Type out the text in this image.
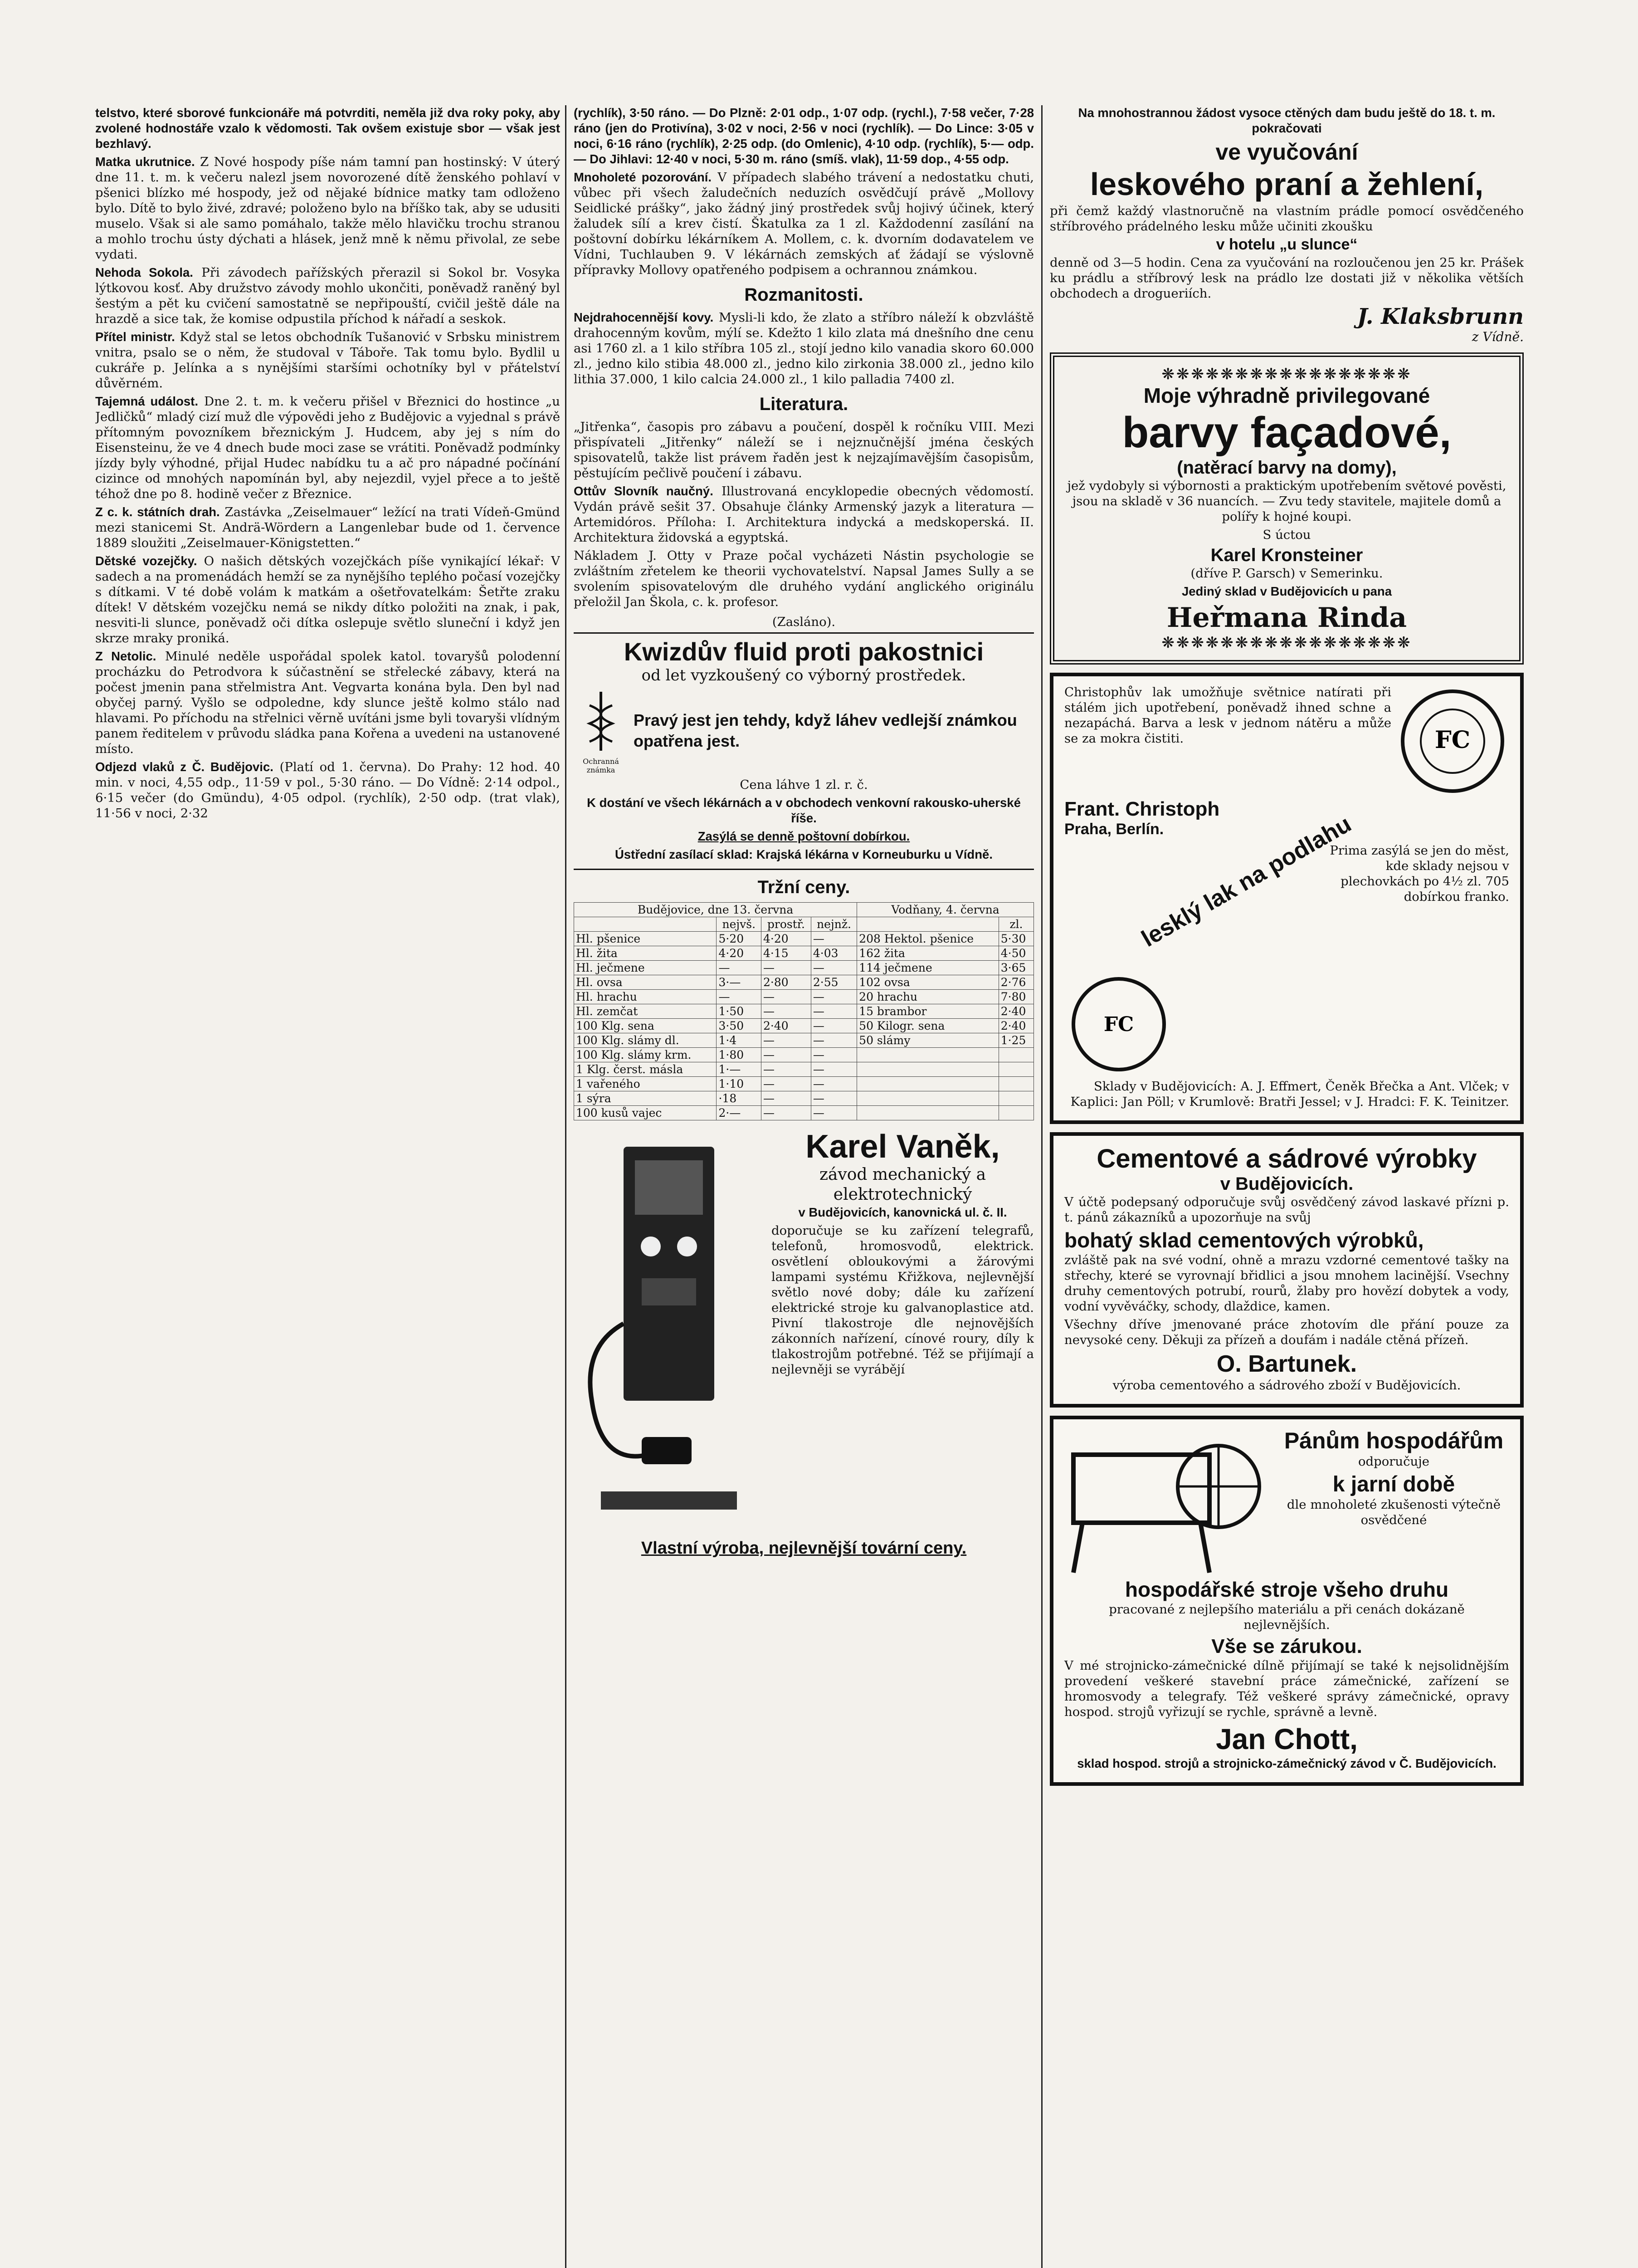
telstvo, které sborové funkcionáře má potvrditi, neměla již dva roky poky, aby zvolené hodnostáře vzalo k vědomosti. Tak ovšem existuje sbor — však jest bezhlavý.

Matka ukrutnice. Z Nové hospody píše nám tamní pan hostinský: V úterý dne 11. t. m. k večeru nalezl jsem novorozené dítě ženského pohlaví v pšenici blízko mé hospody, jež od nějaké bídnice matky tam odloženo bylo. Dítě to bylo živé, zdravé; položeno bylo na bříško tak, aby se udusiti muselo. Však si ale samo pomáhalo, takže mělo hlavičku trochu stranou a mohlo trochu ústy dýchati a hlásek, jenž mně k němu přivolal, ze sebe vydati.

Nehoda Sokola. Při závodech pařížských přerazil si Sokol br. Vosyka lýtkovou kosť. Aby družstvo závody mohlo ukončiti, poněvadž raněný byl šestým a pět ku cvičení samostatně se nepřipouští, cvičil ještě dále na hrazdě a sice tak, že komise odpustila příchod k nářadí a seskok.

Přítel ministr. Když stal se letos obchodník Tušanović v Srbsku ministrem vnitra, psalo se o něm, že studoval v Táboře. Tak tomu bylo. Bydlil u cukráře p. Jelínka a s nynějšími staršími ochotníky byl v přátelství důvěrném.

Tajemná událost. Dne 2. t. m. k večeru přišel v Březnici do hostince „u Jedličků“ mladý cizí muž dle výpovědi jeho z Budějovic a vyjednal s právě přítomným povozníkem březnickým J. Hudcem, aby jej s ním do Eisensteinu, že ve 4 dnech bude moci zase se vrátiti. Poněvadž podmínky jízdy byly výhodné, přijal Hudec nabídku tu a ač pro nápadné počínání cizince od mnohých napomínán byl, aby nejezdil, vyjel přece a to ještě téhož dne po 8. hodině večer z Březnice.

Z c. k. státních drah. Zastávka „Zeiselmauer“ ležící na trati Vídeň-Gmünd mezi stanicemi St. Andrä-Wördern a Langenlebar bude od 1. července 1889 sloužiti „Zeiselmauer-Königstetten.“

Dětské vozejčky. O našich dětských vozejčkách píše vynikající lékař: V sadech a na promenádách hemží se za nynějšího teplého počasí vozejčky s dítkami. V té době volám k matkám a ošetřovatelkám: Šetřte zraku dítek! V dětském vozejčku nemá se nikdy dítko položiti na znak, i pak, nesviti-li slunce, poněvadž oči dítka oslepuje světlo sluneční i když jen skrze mraky proniká.

Z Netolic. Minulé neděle uspořádal spolek katol. tovaryšů polodenní procházku do Petrodvora k súčastnění se střelecké zábavy, která na počest jmenin pana střelmistra Ant. Vegvarta konána byla. Den byl nad obyčej parný. Vyšlo se odpoledne, kdy slunce ještě kolmo stálo nad hlavami. Po příchodu na střelnici věrně uvítáni jsme byli tovaryši vlídným panem ředitelem v průvodu sládka pana Kořena a uvedeni na ustanovené místo.

Odjezd vlaků z Č. Budějovic. (Platí od 1. června). Do Prahy: 12 hod. 40 min. v noci, 4,55 odp., 11·59 v pol., 5·30 ráno. — Do Vídně: 2·14 odpol., 6·15 večer (do Gmündu), 4·05 odpol. (rychlík), 2·50 odp. (trat vlak), 11·56 v noci, 2·32

(rychlík), 3·50 ráno. — Do Plzně: 2·01 odp., 1·07 odp. (rychl.), 7·58 večer, 7·28 ráno (jen do Protivína), 3·02 v noci, 2·56 v noci (rychlík). — Do Lince: 3·05 v noci, 6·16 ráno (rychlík), 2·25 odp. (do Omlenic), 4·10 odp. (rychlík), 5·— odp. — Do Jihlavi: 12·40 v noci, 5·30 m. ráno (smíš. vlak), 11·59 dop., 4·55 odp.

Mnoholeté pozorování. V případech slabého trávení a nedostatku chuti, vůbec při všech žaludečních neduzích osvědčují právě „Mollovy Seidlické prášky“, jako žádný jiný prostředek svůj hojivý účinek, který žaludek sílí a krev čistí. Škatulka za 1 zl. Každodenní zasílání na poštovní dobírku lékárníkem A. Mollem, c. k. dvorním dodavatelem ve Vídni, Tuchlauben 9. V lékárnách zemských ať žádají se výslovně přípravky Mollovy opatřeného podpisem a ochrannou známkou.

Rozmanitosti.

Nejdrahocennější kovy. Mysli-li kdo, že zlato a stříbro náleží k obzvláště drahocenným kovům, mýlí se. Kdežto 1 kilo zlata má dnešního dne cenu asi 1760 zl. a 1 kilo stříbra 105 zl., stojí jedno kilo vanadia skoro 60.000 zl., jedno kilo stibia 48.000 zl., jedno kilo zirkonia 38.000 zl., jedno kilo lithia 37.000, 1 kilo calcia 24.000 zl., 1 kilo palladia 7400 zl.

Literatura.

„Jitřenka“, časopis pro zábavu a poučení, dospěl k ročníku VIII. Mezi přispívateli „Jitřenky“ náleží se i nejznučnější jména českých spisovatelů, takže list právem řaděn jest k nejzajímavějším časopisům, pěstujícím pečlivě poučení i zábavu.

Ottův Slovník naučný. Illustrovaná encyklopedie obecných vědomostí. Vydán právě sešit 37. Obsahuje články Armenský jazyk a literatura — Artemidóros. Příloha: I. Architektura indycká a medskoperská. II. Architektura židovská a egyptská.

Nákladem J. Otty v Praze počal vycházeti Nástin psychologie se zvláštním zřetelem ke theorii vychovatelství. Napsal James Sully a se svolením spisovatelovým dle druhého vydání anglického originálu přeložil Jan Škola, c. k. profesor.

(Zasláno).

Kwizdův fluid proti pakostnici
od let vyzkoušený co výborný prostředek.
Ochranná známka
Pravý jest jen tehdy, když láhev vedlejší známkou opatřena jest.

Cena láhve 1 zl. r. č.

K dostání ve všech lékárnách a v obchodech venkovní rakousko-uherské říše.

Zasýlá se denně poštovní dobírkou.

Ústřední zasílací sklad: Krajská lékárna v Korneuburku u Vídně.

Tržní ceny.
Budějovice, dne 13. června				Vodňany, 4. června	
	nejvš.	prostř.	nejnž.		zl.
Hl. pšenice	5·20	4·20	—	208 Hektol. pšenice	5·30
Hl. žita	4·20	4·15	4·03	162 žita	4·50
Hl. ječmene	—	—	—	114 ječmene	3·65
Hl. ovsa	3·—	2·80	2·55	102 ovsa	2·76
Hl. hrachu	—	—	—	20 hrachu	7·80
Hl. zemčat	1·50	—	—	15 brambor	2·40
100 Klg. sena	3·50	2·40	—	50 Kilogr. sena	2·40
100 Klg. slámy dl.	1·4	—	—	50 slámy	1·25
100 Klg. slámy krm.	1·80	—	—		
1 Klg. čerst. másla	1·—	—	—		
1 vařeného	1·10	—	—		
1 sýra	·18	—	—		
100 kusů vajec	2·—	—	—		
Karel Vaněk,
závod mechanický a elektrotechnický

v Budějovicích, kanovnická ul. č. II.

doporučuje se ku zařízení telegrafů, telefonů, hromosvodů, elektrick. osvětlení obloukovými a žárovými lampami systému Křižkova, nejlevnější světlo nové doby; dále ku zařízení elektrické stroje ku galvanoplastice atd. Pivní tlakostroje dle nejnovějších zákonních nařízení, cínové roury, díly k tlakostrojům potřebné. Též se přijímají a nejlevněji se vyrábějí

Vlastní výroba, nejlevnější tovární ceny.

Na mnohostrannou žádost vysoce ctěných dam budu ještě do 18. t. m. pokračovati

ve vyučování
leskového praní a žehlení,

při čemž každý vlastnoručně na vlastním prádle pomocí osvědčeného stříbrového prádelného lesku může učiniti zkoušku

v hotelu „u slunce“

denně od 3—5 hodin. Cena za vyučování na rozloučenou jen 25 kr. Prášek ku prádlu a stříbrový lesk na prádlo lze dostati již v několika větších obchodech a drogueriích.

J. Klaksbrunn
z Vídně.
❋❋❋❋❋❋❋❋❋❋❋❋❋❋❋❋❋
Moje výhradně privilegované
barvy façadové,
(natěrací barvy na domy),

jež vydobyly si výbornosti a praktickým upotřebením světové pověsti, jsou na skladě v 36 nuancích. — Zvu tedy stavitele, majitele domů a polířy k hojné koupi.

S úctou

Karel Kronsteiner

(dříve P. Garsch) v Semerinku.

Jediný sklad v Budějovicích u pana

Heřmana Rinda
❋❋❋❋❋❋❋❋❋❋❋❋❋❋❋❋❋

Christophův lak umožňuje světnice natírati při stálém jich upotřebení, poněvadž ihned schne a nezapáchá. Barva a lesk v jednom nátěru a může se za mokra čistiti.	FC
Frant. Christoph
Praha, Berlín.
FC
lesklý lak na podlahu

Prima zasýlá se jen do měst, kde sklady nejsou v plechovkách po 4½ zl. 705 dobírkou franko.

Sklady v Budějovicích: A. J. Effmert, Čeněk Břečka a Ant. Vlček; v Kaplici: Jan Pöll; v Krumlově: Bratři Jessel; v J. Hradci: F. K. Teinitzer.

Cementové a sádrové výrobky
v Budějovicích.

V účtě podepsaný odporučuje svůj osvědčený závod laskavé přízni p. t. pánů zákazníků a upozorňuje na svůj

bohatý sklad cementových výrobků,

zvláště pak na své vodní, ohně a mrazu vzdorné cementové tašky na střechy, které se vyrovnají břidlici a jsou mnohem lacinější. Vsechny druhy cementových potrubí, rourů, žlaby pro hovězí dobytek a vody, vodní vyvěváčky, schody, dlaždice, kamen.

Všechny dříve jmenované práce zhotovím dle přání pouze za nevysoké ceny. Děkuji za přízeň a doufám i nadále ctěná přízeň.

O. Bartunek.

výroba cementového a sádrového zboží v Budějovicích.

Pánům hospodářům

odporučuje

k jarní době

dle mnoholeté zkušenosti výtečně osvědčené

hospodářské stroje všeho druhu

pracované z nejlepšího materiálu a při cenách dokázaně nejlevnějších.

Vše se zárukou.

V mé strojnicko-zámečnické dílně přijímají se také k nejsolidnějším provedení veškeré stavební práce zámečnické, zařízení se hromosvody a telegrafy. Též veškeré správy zámečnické, opravy hospod. strojů vyřizují se rychle, správně a levně.

Jan Chott,

sklad hospod. strojů a strojnicko-zámečnický závod v Č. Budějovicích.
